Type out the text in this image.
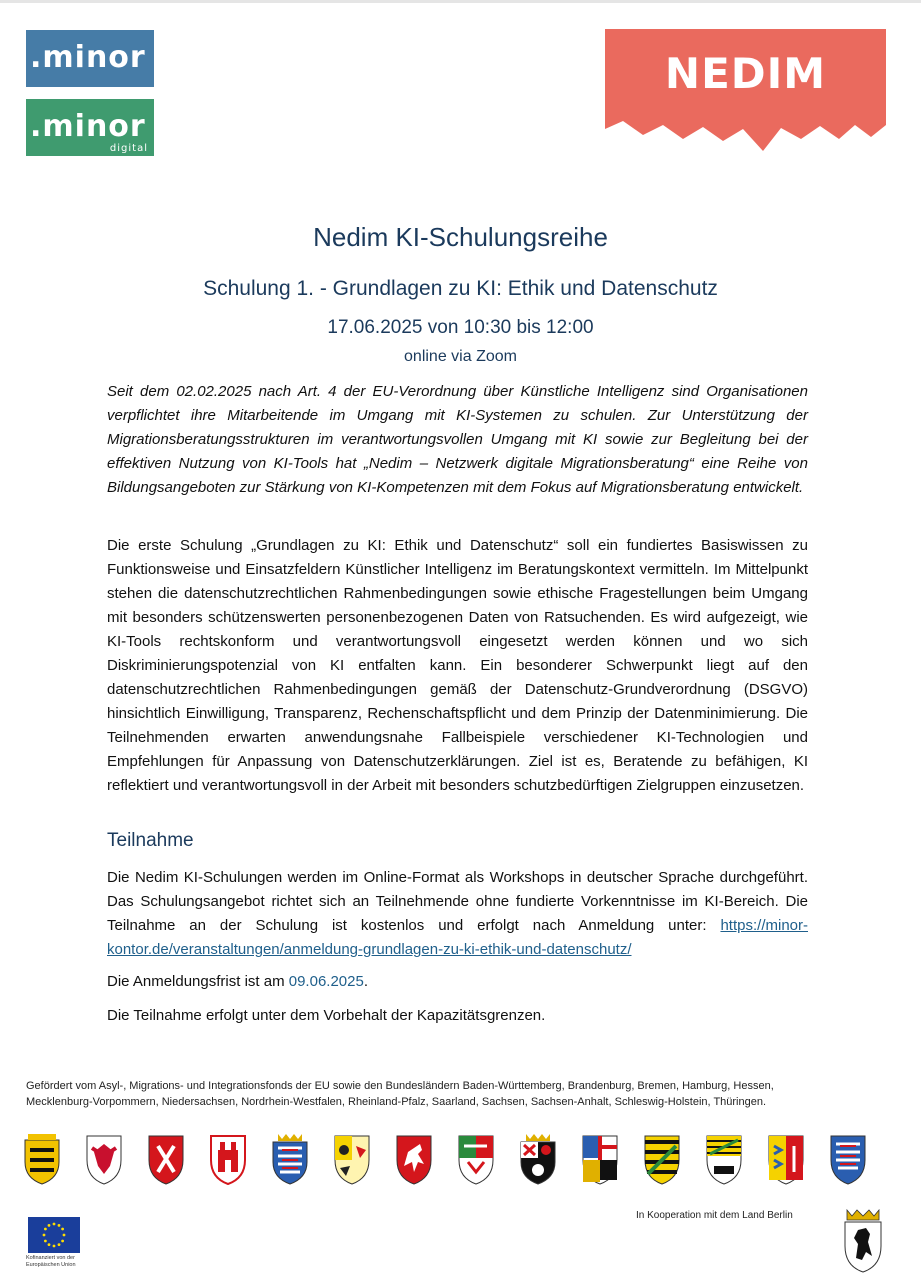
.minor
.minor
digital
NEDIM
Nedim KI-Schulungsreihe
Schulung 1. - Grundlagen zu KI: Ethik und Datenschutz
17.06.2025 von 10:30 bis 12:00
online via Zoom

Seit dem 02.02.2025 nach Art. 4 der EU-Verordnung über Künstliche Intelligenz sind Organisationen verpflichtet ihre Mitarbeitende im Umgang mit KI-Systemen zu schulen. Zur Unterstützung der Migrationsberatungsstrukturen im verantwortungsvollen Umgang mit KI sowie zur Begleitung bei der effektiven Nutzung von KI-Tools hat „Nedim – Netzwerk digitale Migrationsberatung“ eine Reihe von Bildungsangeboten zur Stärkung von KI-Kompetenzen mit dem Fokus auf Migrationsberatung entwickelt.

Die erste Schulung „Grundlagen zu KI: Ethik und Datenschutz“ soll ein fundiertes Basiswissen zu Funktionsweise und Einsatzfeldern Künstlicher Intelligenz im Beratungskontext vermitteln. Im Mittelpunkt stehen die datenschutzrechtlichen Rahmenbedingungen sowie ethische Fragestellungen beim Umgang mit besonders schützenswerten personenbezogenen Daten von Ratsuchenden. Es wird aufgezeigt, wie KI-Tools rechtskonform und verantwortungsvoll eingesetzt werden können und wo sich Diskriminierungspotenzial von KI entfalten kann. Ein besonderer Schwerpunkt liegt auf den datenschutzrechtlichen Rahmenbedingungen gemäß der Datenschutz-Grundverordnung (DSGVO) hinsichtlich Einwilligung, Transparenz, Rechenschaftspflicht und dem Prinzip der Datenminimierung. Die Teilnehmenden erwarten anwendungsnahe Fallbeispiele verschiedener KI-Technologien und Empfehlungen für Anpassung von Datenschutzerklärungen. Ziel ist es, Beratende zu befähigen, KI reflektiert und verantwortungsvoll in der Arbeit mit besonders schutzbedürftigen Zielgruppen einzusetzen.

Teilnahme

Die Nedim KI-Schulungen werden im Online-Format als Workshops in deutscher Sprache durchgeführt. Das Schulungsangebot richtet sich an Teilnehmende ohne fundierte Vorkenntnisse im KI-Bereich. Die Teilnahme an der Schulung ist kostenlos und erfolgt nach Anmeldung unter: https://minor-kontor.de/veranstaltungen/anmeldung-grundlagen-zu-ki-ethik-und-datenschutz/

Die Anmeldungsfrist ist am 09.06.2025.

Die Teilnahme erfolgt unter dem Vorbehalt der Kapazitätsgrenzen.

Gefördert vom Asyl-, Migrations- und Integrationsfonds der EU sowie den Bundesländern Baden-Württemberg, Brandenburg, Bremen, Hamburg, Hessen,
Mecklenburg-Vorpommern, Niedersachsen, Nordrhein-Westfalen, Rheinland-Pfalz, Saarland, Sachsen, Sachsen-Anhalt, Schleswig-Holstein, Thüringen.
Kofinanziert von der
Europäischen Union
In Kooperation mit dem Land Berlin
